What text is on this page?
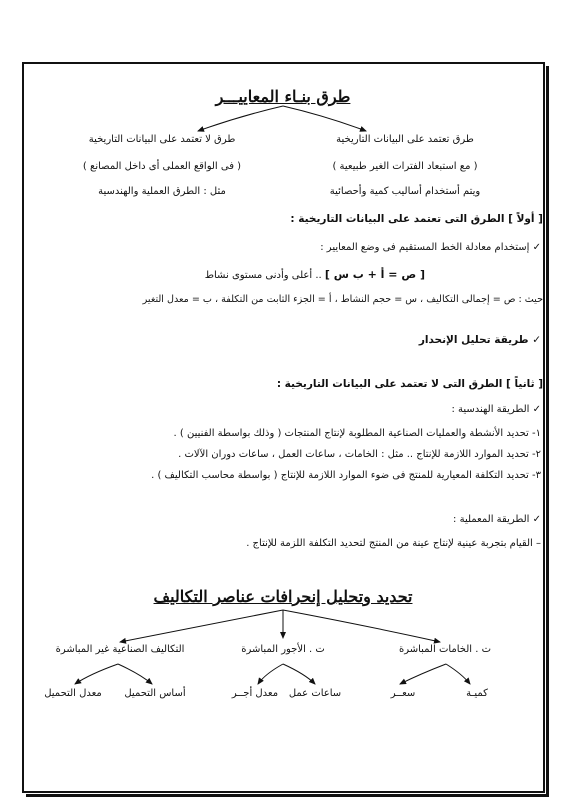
طرق بنـاء المعاييـــر
طرق تعتمد على البيانات التاريخية
( مع استبعاد الفترات الغير طبيعية )
ويتم أستخدام أساليب كمية وأحصائية
طرق لا تعتمد على البيانات التاريخية
( فى الواقع العملى أى داخل المصانع )
مثل : الطرق العملية والهندسية
[ أولاً ] الطرق التى تعتمد على البيانات التاريخية :
✓ إستخدام معادلة الخط المستقيم فى وضع المعايير :
[ ص = أ + ب س ] .. أعلى وأدنى مستوى نشاط
حيث : ص = إجمالى التكاليف ، س = حجم النشاط ، أ = الجزء الثابت من التكلفة ، ب = معدل التغير
✓ طريقة تحليل الإنحدار
[ ثانياً ] الطرق التى لا تعتمد على البيانات التاريخية :
✓ الطريقة الهندسية :
١- تحديد الأنشطة والعمليات الصناعية المطلوبة لإنتاج المنتجات ( وذلك بواسطة الفنيين ) .
٢- تحديد الموارد اللازمة للإنتاج .. مثل : الخامات ، ساعات العمل ، ساعات دوران الآلات .
٣- تحديد التكلفة المعيارية للمنتج فى ضوء الموارد اللازمة للإنتاج ( بواسطة محاسب التكاليف ) .
✓ الطريقة المعملية :
– القيام بتجربة عينية لإنتاج عينة من المنتج لتحديد التكلفة اللزمة للإنتاج .
تحديد وتحليل إنحرافات عناصر التكاليف
ت . الخامات المباشرة
ت . الأجور المباشرة
التكاليف الصناعية غير المباشرة
كميـة
سعــر
ساعات عمل
معدل أجــر
أساس التحميل
معدل التحميل
